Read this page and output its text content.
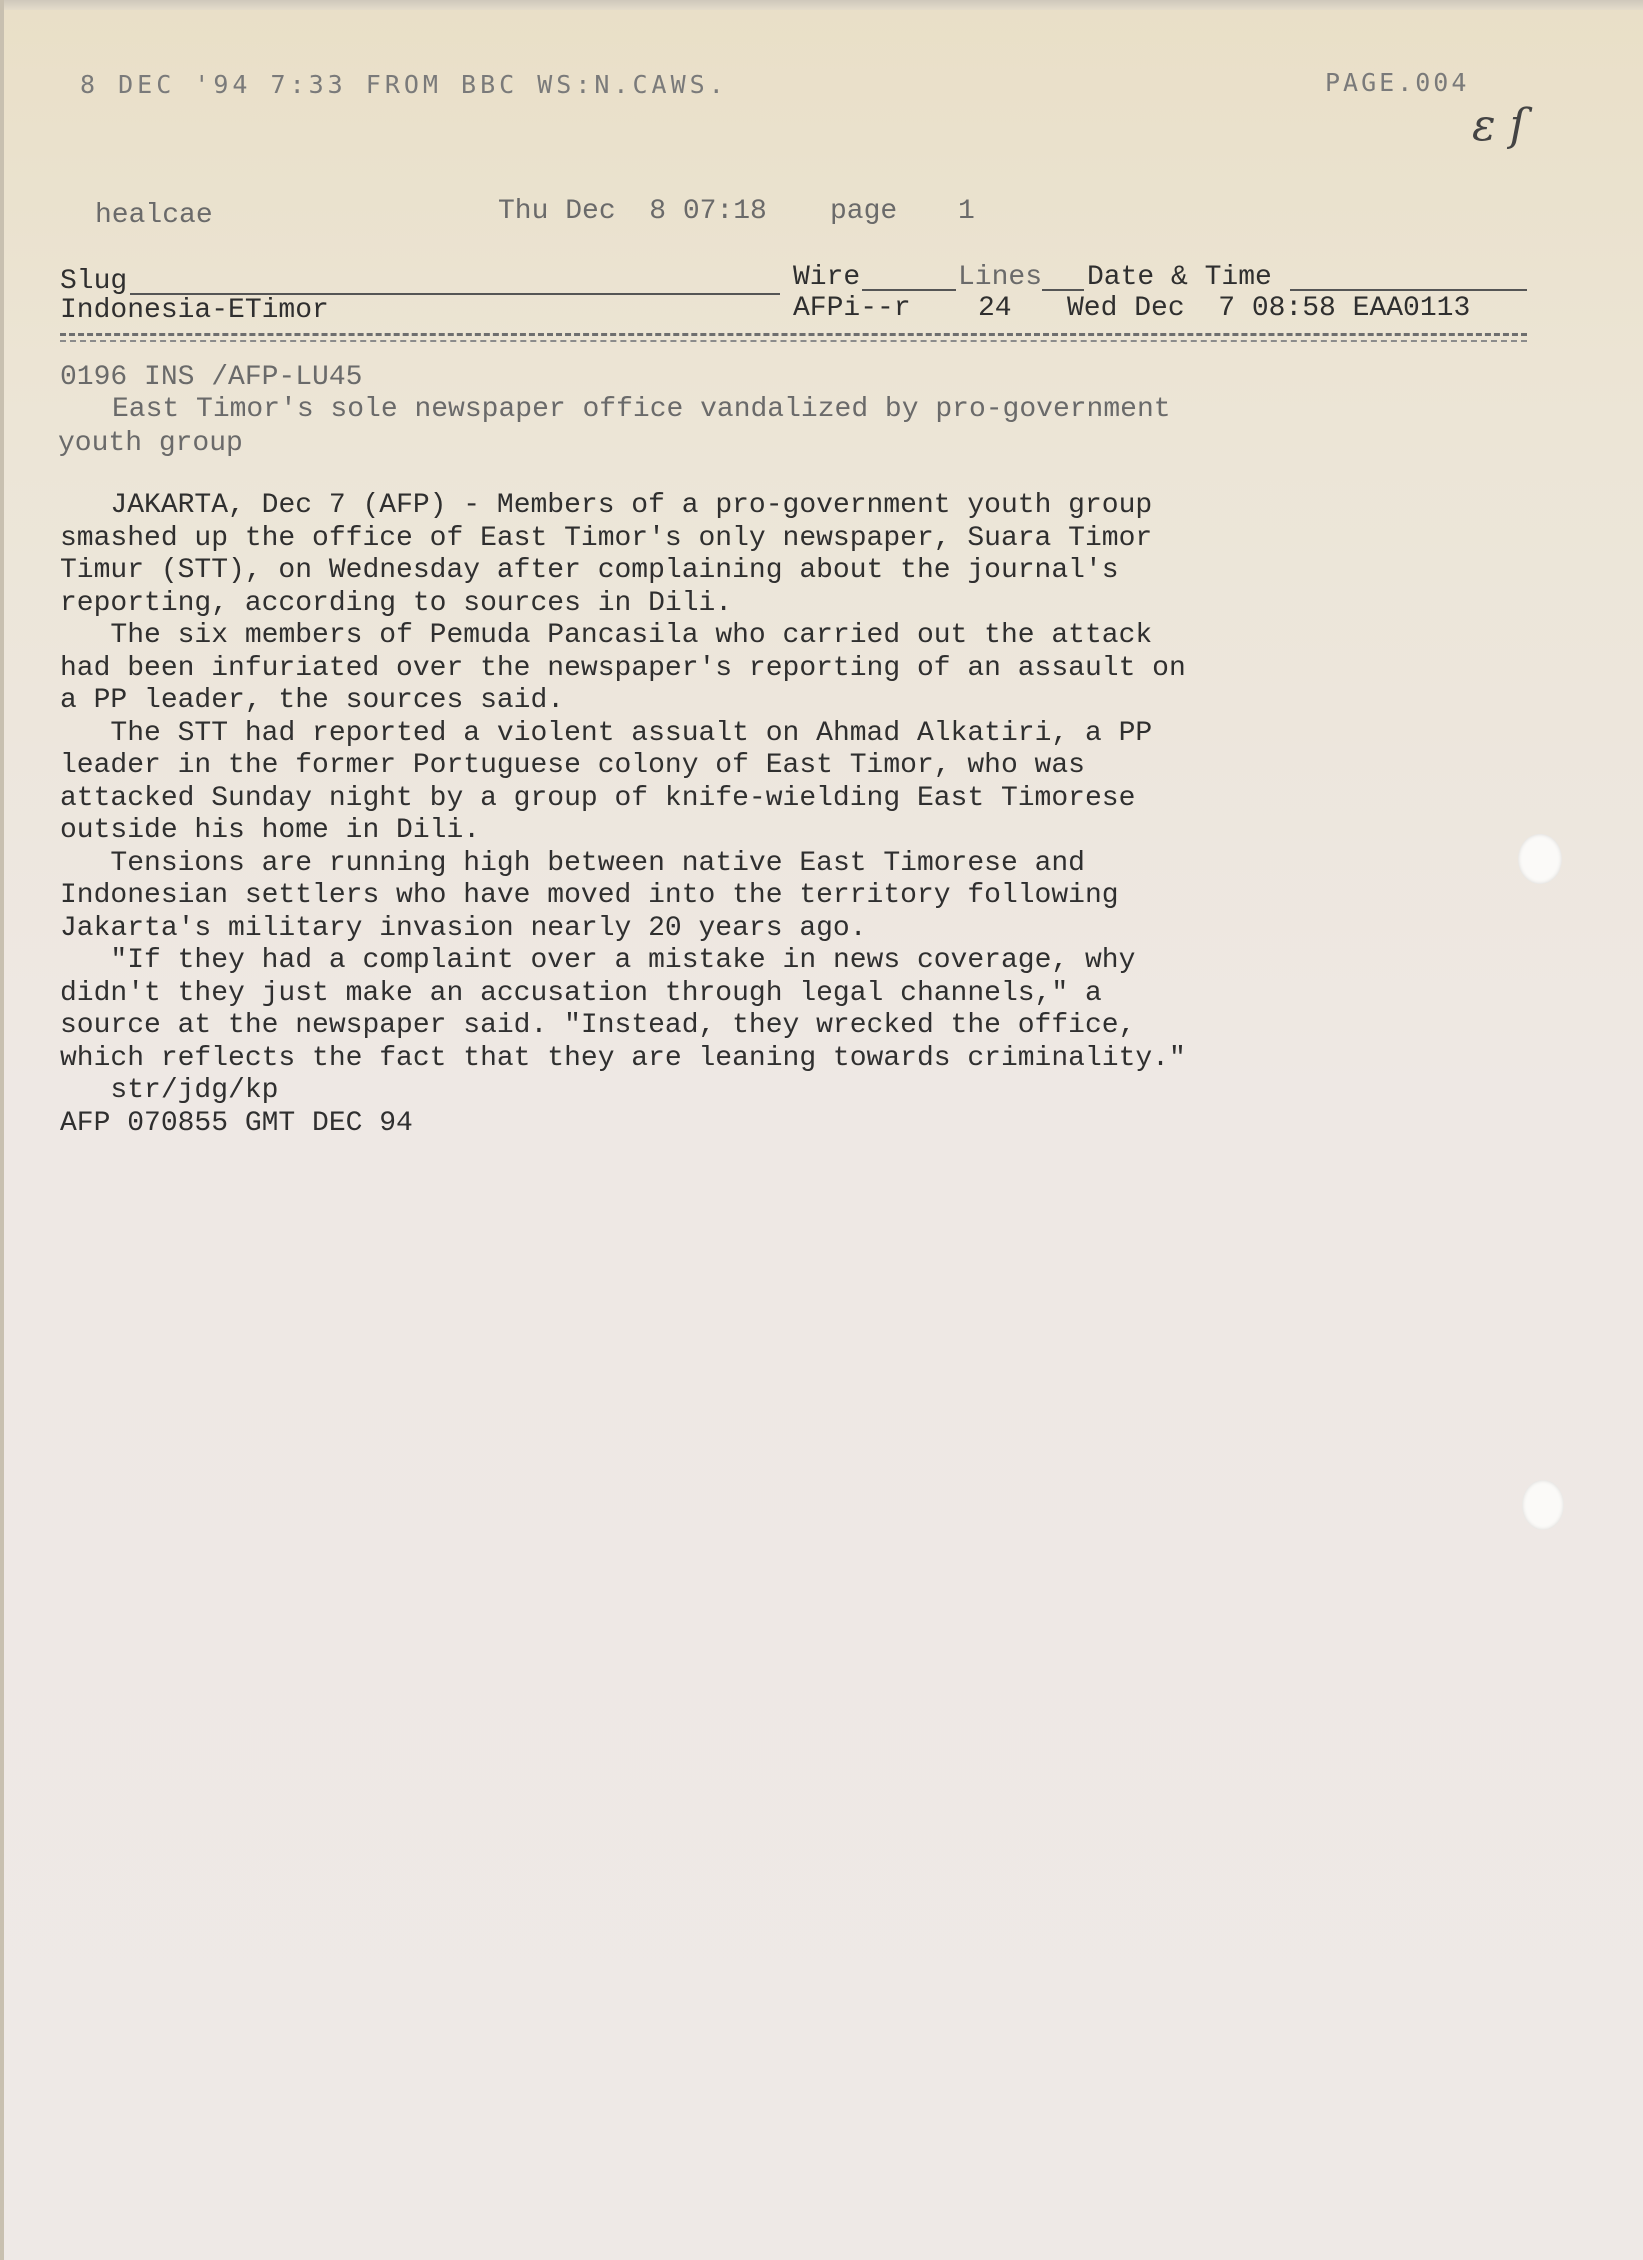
8 DEC '94 7:33 FROM BBC WS:N.CAWS.	PAGE.004
ε ſ
healcae	Thu Dec  8 07:18 page 1
Slug	Wire	Lines Date & Time
Indonesia-ETimor	AFPi--r 24 Wed Dec  7 08:58 EAA0113
0196 INS /AFP-LU45
East Timor's sole newspaper office vandalized by pro-government
youth group

JAKARTA, Dec 7 (AFP) - Members of a pro-government youth group
smashed up the office of East Timor's only newspaper, Suara Timor
Timur (STT), on Wednesday after complaining about the journal's
reporting, according to sources in Dili.

The six members of Pemuda Pancasila who carried out the attack
had been infuriated over the newspaper's reporting of an assault on
a PP leader, the sources said.

The STT had reported a violent assualt on Ahmad Alkatiri, a PP
leader in the former Portuguese colony of East Timor, who was
attacked Sunday night by a group of knife-wielding East Timorese
outside his home in Dili.

Tensions are running high between native East Timorese and
Indonesian settlers who have moved into the territory following
Jakarta's military invasion nearly 20 years ago.

"If they had a complaint over a mistake in news coverage, why
didn't they just make an accusation through legal channels," a
source at the newspaper said. "Instead, they wrecked the office,
which reflects the fact that they are leaning towards criminality."

str/jdg/kp

AFP 070855 GMT DEC 94
